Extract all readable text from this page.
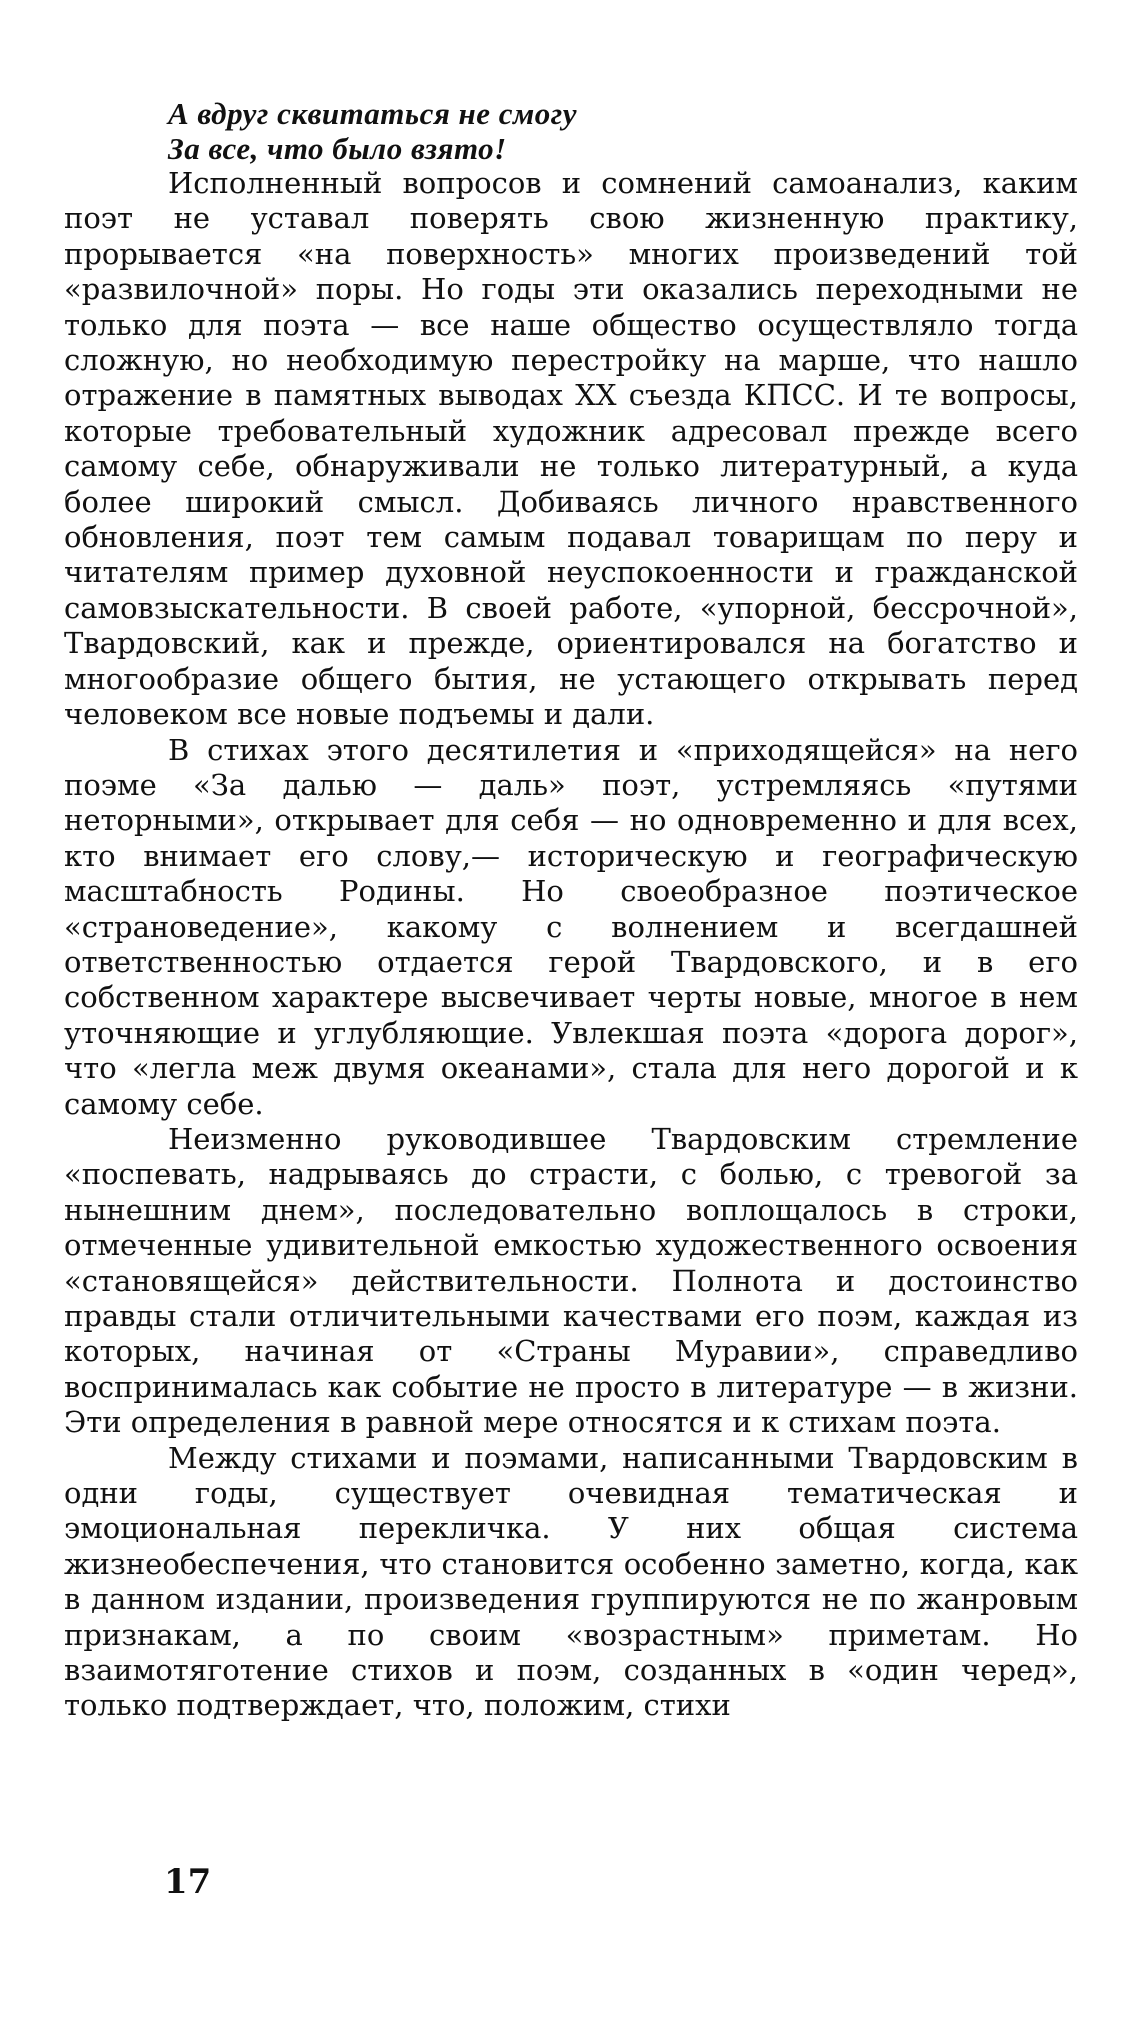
А вдруг сквитаться не смогу
За все, что было взято!

Исполненный вопросов и сомнений самоанализ, каким поэт не уставал поверять свою жизненную практику, прорывается «на поверхность» многих произведений той «развилочной» поры. Но годы эти оказались переходными не только для поэта — все наше общество осуществляло тогда сложную, но необходимую перестройку на марше, что нашло отражение в памятных выводах XX съезда КПСС. И те вопросы, которые требовательный художник адресовал прежде всего самому себе, обнаруживали не только литературный, а куда более широкий смысл. Добиваясь личного нравственного обновления, поэт тем самым подавал товарищам по перу и читателям пример духовной неуспокоенности и гражданской самовзыскательности. В своей работе, «упорной, бессрочной», Твардовский, как и прежде, ориентировался на богатство и многообразие общего бытия, не устающего открывать перед человеком все новые подъемы и дали.

В стихах этого десятилетия и «приходящейся» на него поэме «За далью — даль» поэт, устремляясь «путями неторными», открывает для себя — но одновременно и для всех, кто внимает его слову,— историческую и географическую масштабность Родины. Но своеобразное поэтическое «страноведение», какому с волнением и всегдашней ответственностью отдается герой Твардовского, и в его собственном характере высвечивает черты новые, многое в нем уточняющие и углубляющие. Увлекшая поэта «дорога дорог», что «легла меж двумя океанами», стала для него дорогой и к самому себе.

Неизменно руководившее Твардовским стремление «поспевать, надрываясь до страсти, с болью, с тревогой за нынешним днем», последовательно воплощалось в строки, отмеченные удивительной емкостью художественного освоения «становящейся» действительности. Полнота и достоинство правды стали отличительными качествами его поэм, каждая из которых, начиная от «Страны Муравии», справедливо воспринималась как событие не просто в литературе — в жизни. Эти определения в равной мере относятся и к стихам поэта.

Между стихами и поэмами, написанными Твардовским в одни годы, существует очевидная тематическая и эмоциональная перекличка. У них общая система жизнеобеспечения, что становится особенно заметно, когда, как в данном издании, произведения группируются не по жанровым признакам, а по своим «возрастным» приметам. Но взаимотяготение стихов и поэм, созданных в «один черед», только подтверждает, что, положим, стихи

17
